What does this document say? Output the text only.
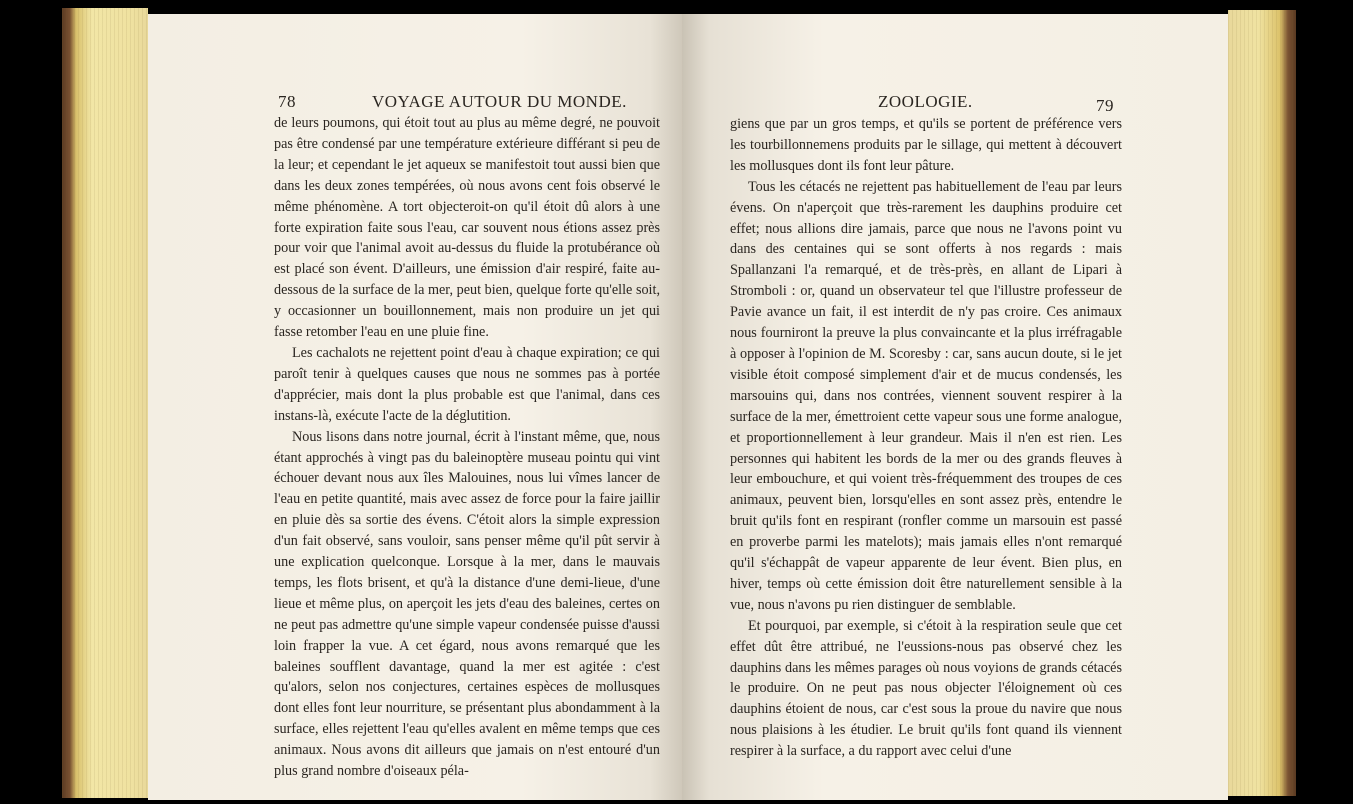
78	VOYAGE AUTOUR DU MONDE.

de leurs poumons, qui étoit tout au plus au même degré, ne pouvoit pas être condensé par une température extérieure différant si peu de la leur; et cependant le jet aqueux se manifestoit tout aussi bien que dans les deux zones tempérées, où nous avons cent fois observé le même phénomène. A tort objecteroit-on qu'il étoit dû alors à une forte expiration faite sous l'eau, car souvent nous étions assez près pour voir que l'animal avoit au-dessus du fluide la protubérance où est placé son évent. D'ailleurs, une émission d'air respiré, faite au-dessous de la surface de la mer, peut bien, quelque forte qu'elle soit, y occasionner un bouillonnement, mais non produire un jet qui fasse retomber l'eau en une pluie fine.

Les cachalots ne rejettent point d'eau à chaque expiration; ce qui paroît tenir à quelques causes que nous ne sommes pas à portée d'apprécier, mais dont la plus probable est que l'animal, dans ces instans-là, exécute l'acte de la déglutition.

Nous lisons dans notre journal, écrit à l'instant même, que, nous étant approchés à vingt pas du baleinoptère museau pointu qui vint échouer devant nous aux îles Malouines, nous lui vîmes lancer de l'eau en petite quantité, mais avec assez de force pour la faire jaillir en pluie dès sa sortie des évens. C'étoit alors la simple expression d'un fait observé, sans vouloir, sans penser même qu'il pût servir à une explication quelconque. Lorsque à la mer, dans le mauvais temps, les flots brisent, et qu'à la distance d'une demi-lieue, d'une lieue et même plus, on aperçoit les jets d'eau des baleines, certes on ne peut pas admettre qu'une simple vapeur condensée puisse d'aussi loin frapper la vue. A cet égard, nous avons remarqué que les baleines soufflent davantage, quand la mer est agitée : c'est qu'alors, selon nos conjectures, certaines espèces de mollusques dont elles font leur nourriture, se présentant plus abondamment à la surface, elles rejettent l'eau qu'elles avalent en même temps que ces animaux. Nous avons dit ailleurs que jamais on n'est entouré d'un plus grand nombre d'oiseaux péla-

ZOOLOGIE.	79

giens que par un gros temps, et qu'ils se portent de préférence vers les tourbillonnemens produits par le sillage, qui mettent à découvert les mollusques dont ils font leur pâture.

Tous les cétacés ne rejettent pas habituellement de l'eau par leurs évens. On n'aperçoit que très-rarement les dauphins produire cet effet; nous allions dire jamais, parce que nous ne l'avons point vu dans des centaines qui se sont offerts à nos regards : mais Spallanzani l'a remarqué, et de très-près, en allant de Lipari à Stromboli : or, quand un observateur tel que l'illustre professeur de Pavie avance un fait, il est interdit de n'y pas croire. Ces animaux nous fourniront la preuve la plus convaincante et la plus irréfragable à opposer à l'opinion de M. Scoresby : car, sans aucun doute, si le jet visible étoit composé simplement d'air et de mucus condensés, les marsouins qui, dans nos contrées, viennent souvent respirer à la surface de la mer, émettroient cette vapeur sous une forme analogue, et proportionnellement à leur grandeur. Mais il n'en est rien. Les personnes qui habitent les bords de la mer ou des grands fleuves à leur embouchure, et qui voient très-fréquemment des troupes de ces animaux, peuvent bien, lorsqu'elles en sont assez près, entendre le bruit qu'ils font en respirant (ronfler comme un marsouin est passé en proverbe parmi les matelots); mais jamais elles n'ont remarqué qu'il s'échappât de vapeur apparente de leur évent. Bien plus, en hiver, temps où cette émission doit être naturellement sensible à la vue, nous n'avons pu rien distinguer de semblable.

Et pourquoi, par exemple, si c'étoit à la respiration seule que cet effet dût être attribué, ne l'eussions-nous pas observé chez les dauphins dans les mêmes parages où nous voyions de grands cétacés le produire. On ne peut pas nous objecter l'éloignement où ces dauphins étoient de nous, car c'est sous la proue du navire que nous nous plaisions à les étudier. Le bruit qu'ils font quand ils viennent respirer à la surface, a du rapport avec celui d'une
